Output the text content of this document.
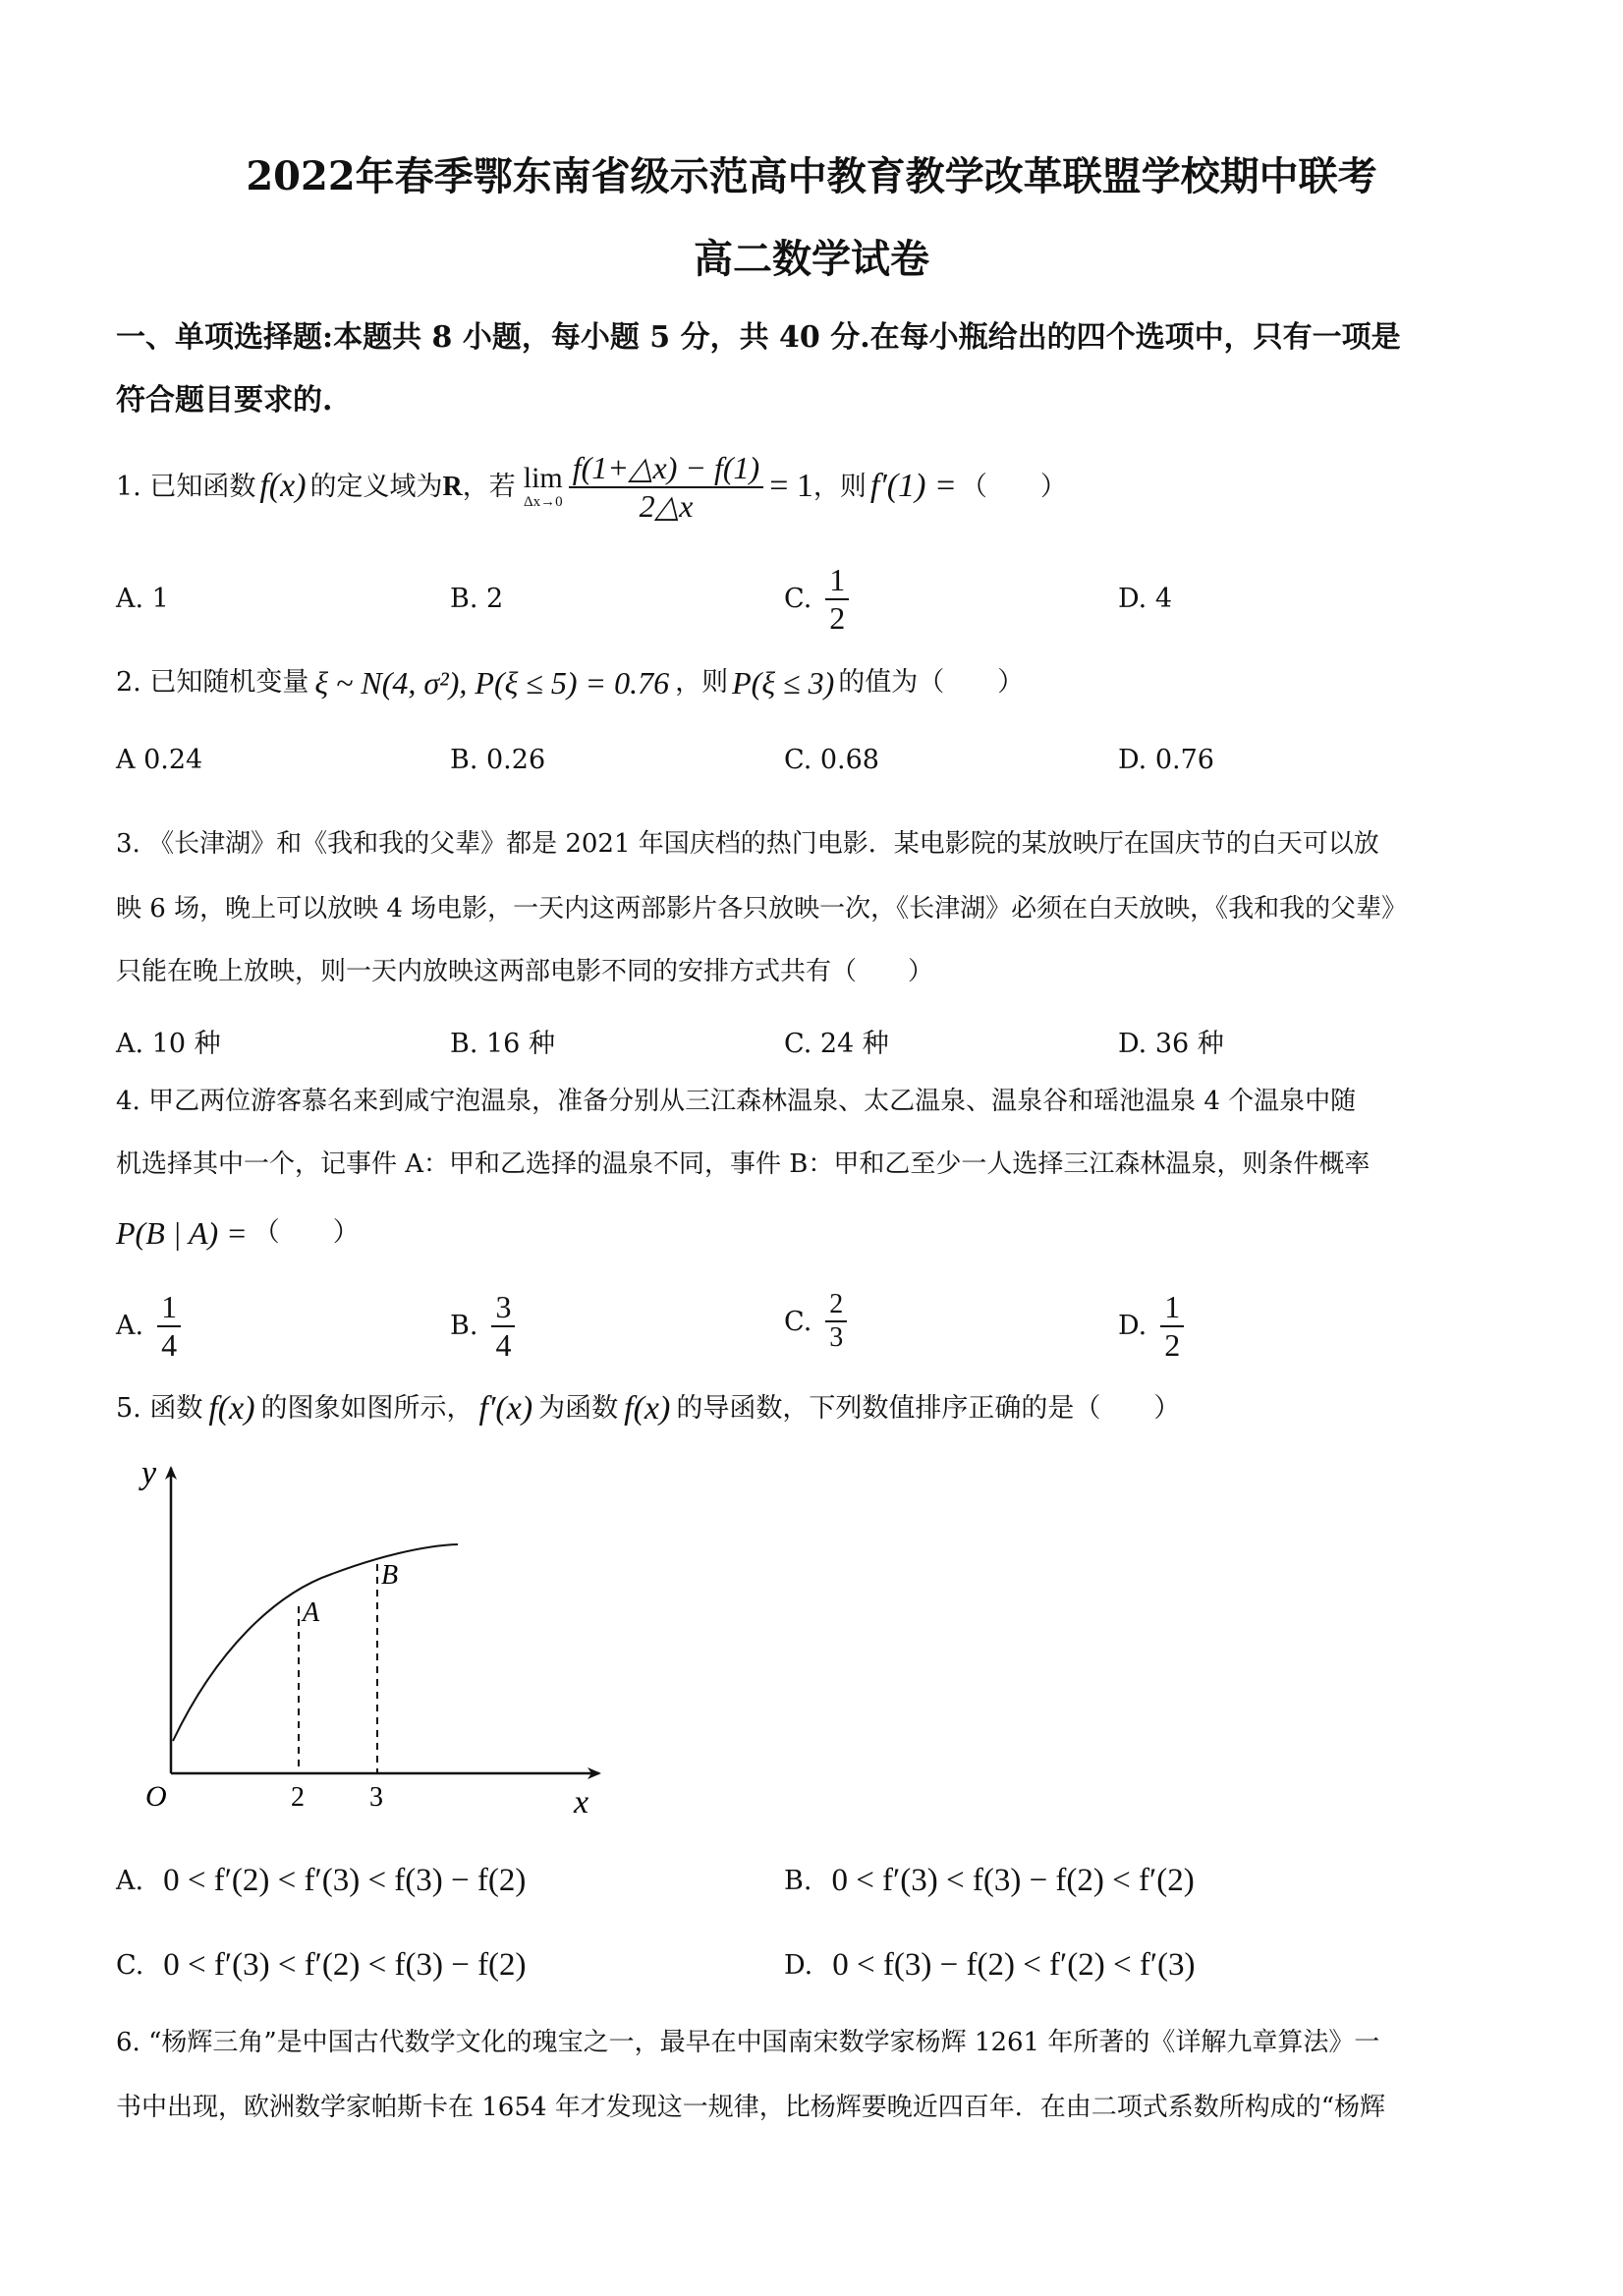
2022年春季鄂东南省级示范高中教育教学改革联盟学校期中联考
高二数学试卷
一、单项选择题:本题共 8 小题，每小题 5 分，共 40 分.在每小瓶给出的四个选项中，只有一项是
符合题目要求的.
1. 已知函数 f(x) 的定义域为 R ，若 lim
$\Delta x\to 0 \frac{f(1+\triangle x) - f(1)}{2\triangle x} = 1$ ，则 f′(1) = （　　）
A. 1	B. 2	C. $\frac{1}{2}$	D. 4
2. 已知随机变量 ξ ~ N(4, σ²), P(ξ ≤ 5) = 0.76 ，则 P(ξ ≤ 3) 的值为（　　）
A 0.24	B. 0.26	C. 0.68	D. 0.76
3. 《长津湖》和《我和我的父辈》都是 2021 年国庆档的热门电影．某电影院的某放映厅在国庆节的白天可以放
映 6 场，晚上可以放映 4 场电影，一天内这两部影片各只放映一次，《长津湖》必须在白天放映，《我和我的父辈》
只能在晚上放映，则一天内放映这两部电影不同的安排方式共有（　　）
A. 10 种	B. 16 种	C. 24 种	D. 36 种
4. 甲乙两位游客慕名来到咸宁泡温泉，准备分别从三江森林温泉、太乙温泉、温泉谷和瑶池温泉 4 个温泉中随
机选择其中一个，记事件 A：甲和乙选择的温泉不同，事件 B：甲和乙至少一人选择三江森林温泉，则条件概率
P(B | A) = （　　）
A. $\frac{1}{4}$	B. $\frac{3}{4}$	C. $\frac{2}{3}$	D. $\frac{1}{2}$
5. 函数 f(x) 的图象如图所示， f′(x) 为函数 f(x) 的导函数，下列数值排序正确的是（　　）
y
x
O	2 3
A
B
A. 0 < f′(2) < f′(3) < f(3) − f(2)	B. 0 < f′(3) < f(3) − f(2) < f′(2)
C. 0 < f′(3) < f′(2) < f(3) − f(2)	D. 0 < f(3) − f(2) < f′(2) < f′(3)
6. “杨辉三角”是中国古代数学文化的瑰宝之一，最早在中国南宋数学家杨辉 1261 年所著的《详解九章算法》一
书中出现，欧洲数学家帕斯卡在 1654 年才发现这一规律，比杨辉要晚近四百年．在由二项式系数所构成的“杨辉
